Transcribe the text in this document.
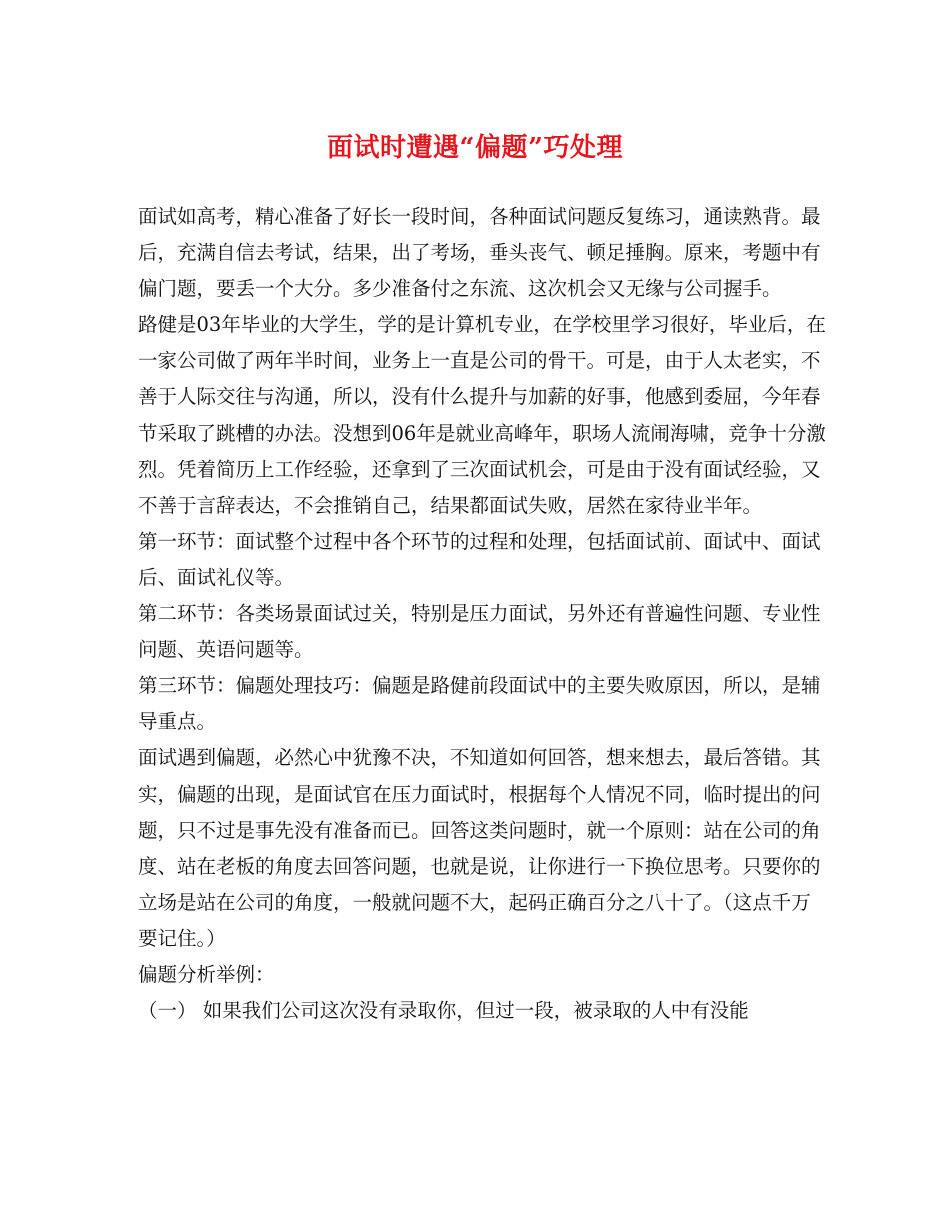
面试时遭遇“偏题”巧处理

面试如高考，精心准备了好长一段时间，各种面试问题反复练习，通读熟背。最后，充满自信去考试，结果，出了考场，垂头丧气、顿足捶胸。原来，考题中有偏门题，要丢一个大分。多少准备付之东流、这次机会又无缘与公司握手。

路健是03年毕业的大学生，学的是计算机专业，在学校里学习很好，毕业后，在一家公司做了两年半时间，业务上一直是公司的骨干。可是，由于人太老实，不善于人际交往与沟通，所以，没有什么提升与加薪的好事，他感到委屈，今年春节采取了跳槽的办法。没想到06年是就业高峰年，职场人流闹海啸，竞争十分激烈。凭着简历上工作经验，还拿到了三次面试机会，可是由于没有面试经验，又不善于言辞表达，不会推销自己，结果都面试失败，居然在家待业半年。

第一环节：面试整个过程中各个环节的过程和处理，包括面试前、面试中、面试后、面试礼仪等。

第二环节：各类场景面试过关，特别是压力面试，另外还有普遍性问题、专业性问题、英语问题等。

第三环节：偏题处理技巧：偏题是路健前段面试中的主要失败原因，所以，是辅导重点。

面试遇到偏题，必然心中犹豫不决，不知道如何回答，想来想去，最后答错。其实，偏题的出现，是面试官在压力面试时，根据每个人情况不同，临时提出的问题，只不过是事先没有准备而已。回答这类问题时，就一个原则：站在公司的角度、站在老板的角度去回答问题，也就是说，让你进行一下换位思考。只要你的立场是站在公司的角度，一般就问题不大，起码正确百分之八十了。（这点千万要记住。）

偏题分析举例：

（一） 如果我们公司这次没有录取你，但过一段，被录取的人中有没能
